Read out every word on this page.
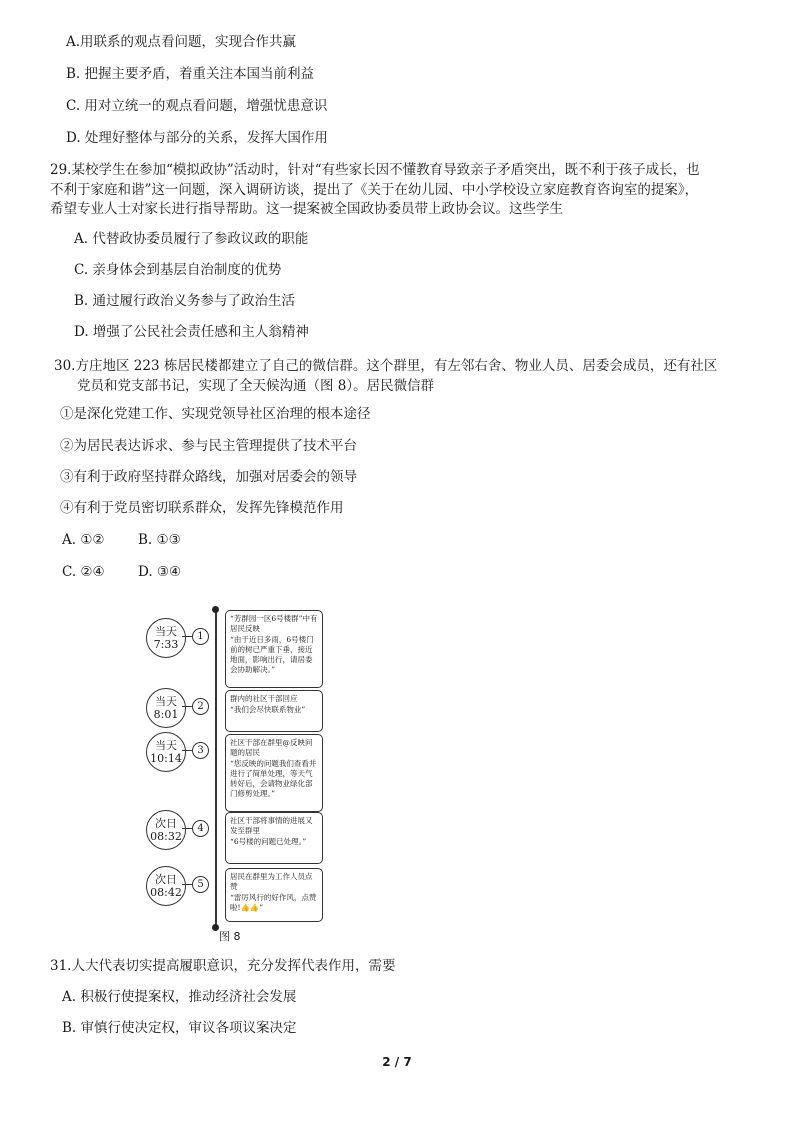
A.用联系的观点看问题，实现合作共赢
B. 把握主要矛盾，着重关注本国当前利益
C. 用对立统一的观点看问题，增强忧患意识
D. 处理好整体与部分的关系，发挥大国作用
29.某校学生在参加“模拟政协”活动时，针对“有些家长因不懂教育导致亲子矛盾突出，既不利于孩子成长，也
不利于家庭和谐”这一问题，深入调研访谈，提出了《关于在幼儿园、中小学校设立家庭教育咨询室的提案》，
希望专业人士对家长进行指导帮助。这一提案被全国政协委员带上政协会议。这些学生
A. 代替政协委员履行了参政议政的职能
C. 亲身体会到基层自治制度的优势
B. 通过履行政治义务参与了政治生活
D. 增强了公民社会责任感和主人翁精神
30.方庄地区 223 栋居民楼都建立了自己的微信群。这个群里，有左邻右舍、物业人员、居委会成员，还有社区
党员和党支部书记，实现了全天候沟通（图 8）。居民微信群
①是深化党建工作、实现党领导社区治理的根本途径
②为居民表达诉求、参与民主管理提供了技术平台
③有利于政府坚持群众路线，加强对居委会的领导
④有利于党员密切联系群众，发挥先锋模范作用
A. ①② B. ①③
C. ②④ D. ③④
当天
7:33
1
“芳群园一区6号楼群”中有居民反映
“由于近日多雨，6号楼门前的树已严重下垂，接近地面，影响出行，请居委会协助解决。”
当天
8:01
2
群内的社区干部回应
“我们会尽快联系物业”
当天
10:14
3
社区干部在群里@反映问题的居民
“您反映的问题我们查看并进行了简单处理，等天气转好后，会请物业绿化部门修剪处理。”
次日
08:32
4
社区干部将事情的进展又发至群里
“6号楼的问题已处理。”
次日
08:42
5
居民在群里为工作人员点赞
“雷厉风行的好作风，点赞啦!👍👍”
图 8
31.人大代表切实提高履职意识，充分发挥代表作用，需要
A. 积极行使提案权，推动经济社会发展
B. 审慎行使决定权，审议各项议案决定
2 / 7
